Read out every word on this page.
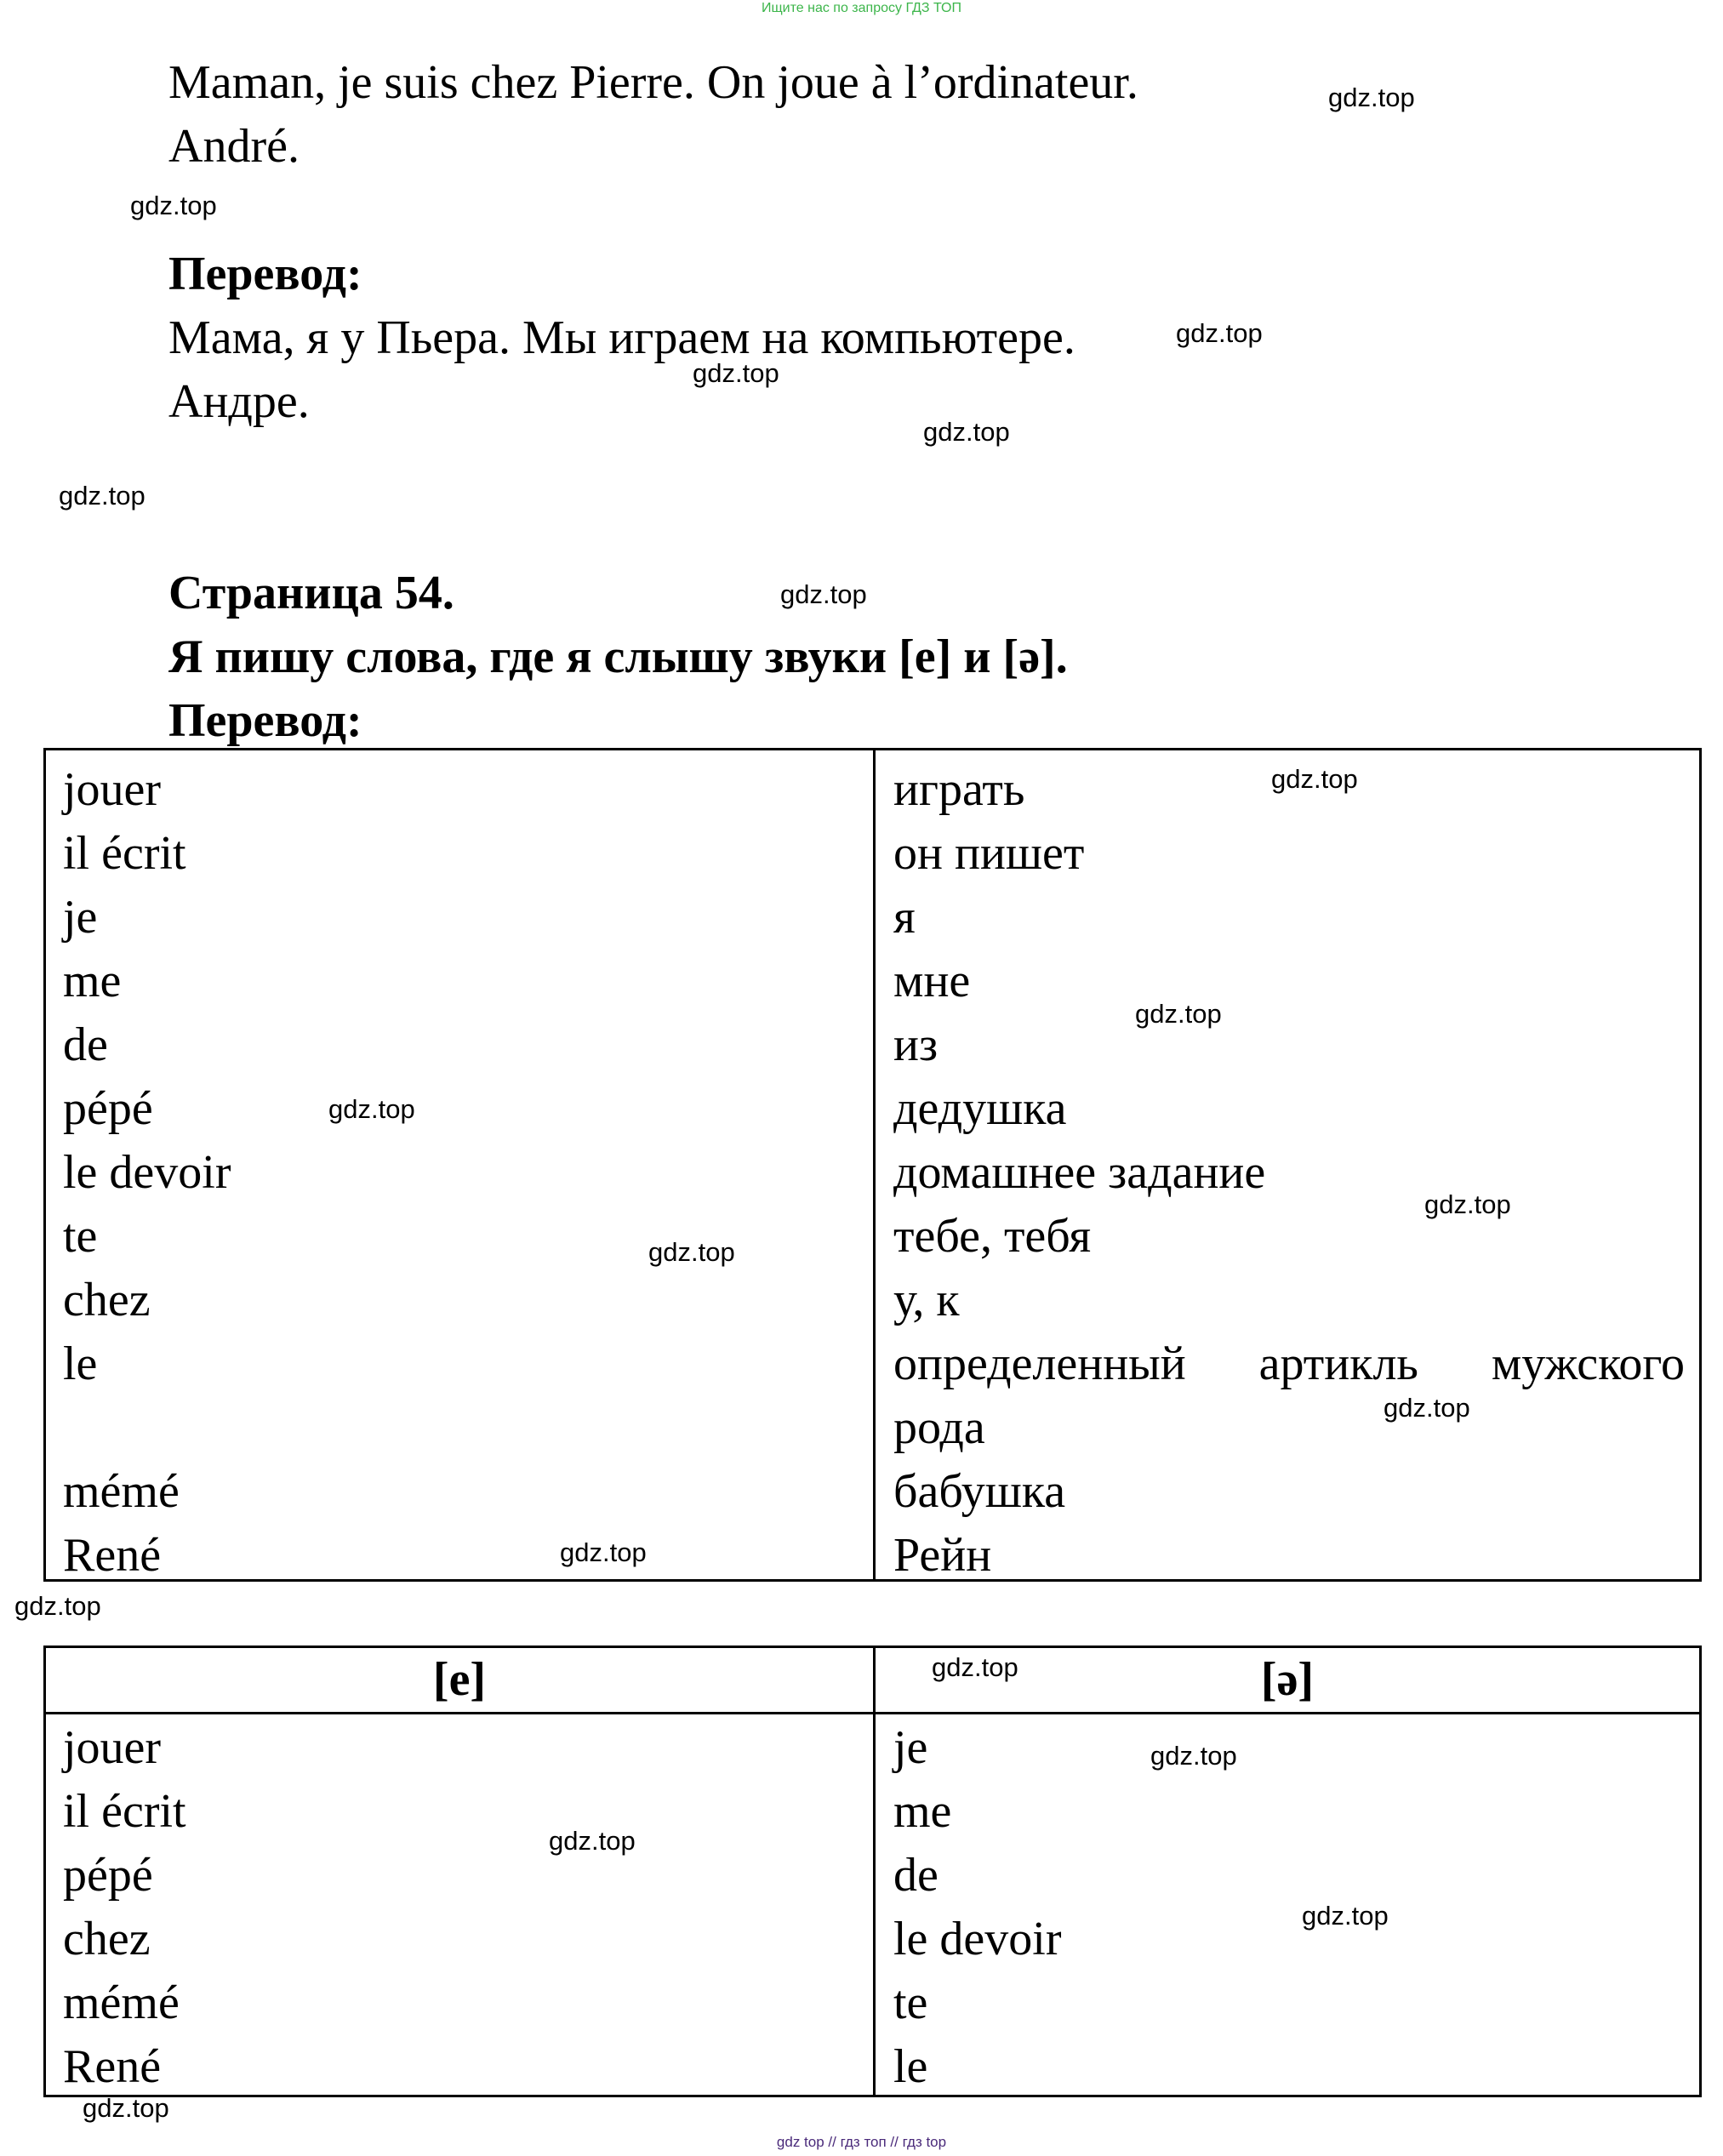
Ищите нас по запросу ГДЗ ТОП

Maman, je suis chez Pierre. On joue à l’ordinateur.

André.

Перевод:

Мама, я у Пьера. Мы играем на компьютере.

Андре.

Страница 54.

Я пишу слова, где я слышу звуки [e] и [ə].

Перевод:

jouer
il écrit
je
me
de
pépé
le devoir
te
chez
le
mémé
René
играть
он пишет
я
мне
из
дедушка
домашнее задание
тебе, тебя
у, к
определенный артикль мужского
рода
бабушка
Рейн
[e]	[ə]
jouer
il écrit
pépé
chez
mémé
René
je
me
de
le devoir
te
le
gdz.top
gdz.top
gdz.top
gdz.top
gdz.top
gdz.top
gdz.top
gdz.top
gdz.top
gdz.top
gdz.top
gdz.top
gdz.top
gdz.top
gdz.top
gdz.top
gdz.top
gdz.top
gdz.top
gdz.top
gdz top // гдз топ // гдз top
